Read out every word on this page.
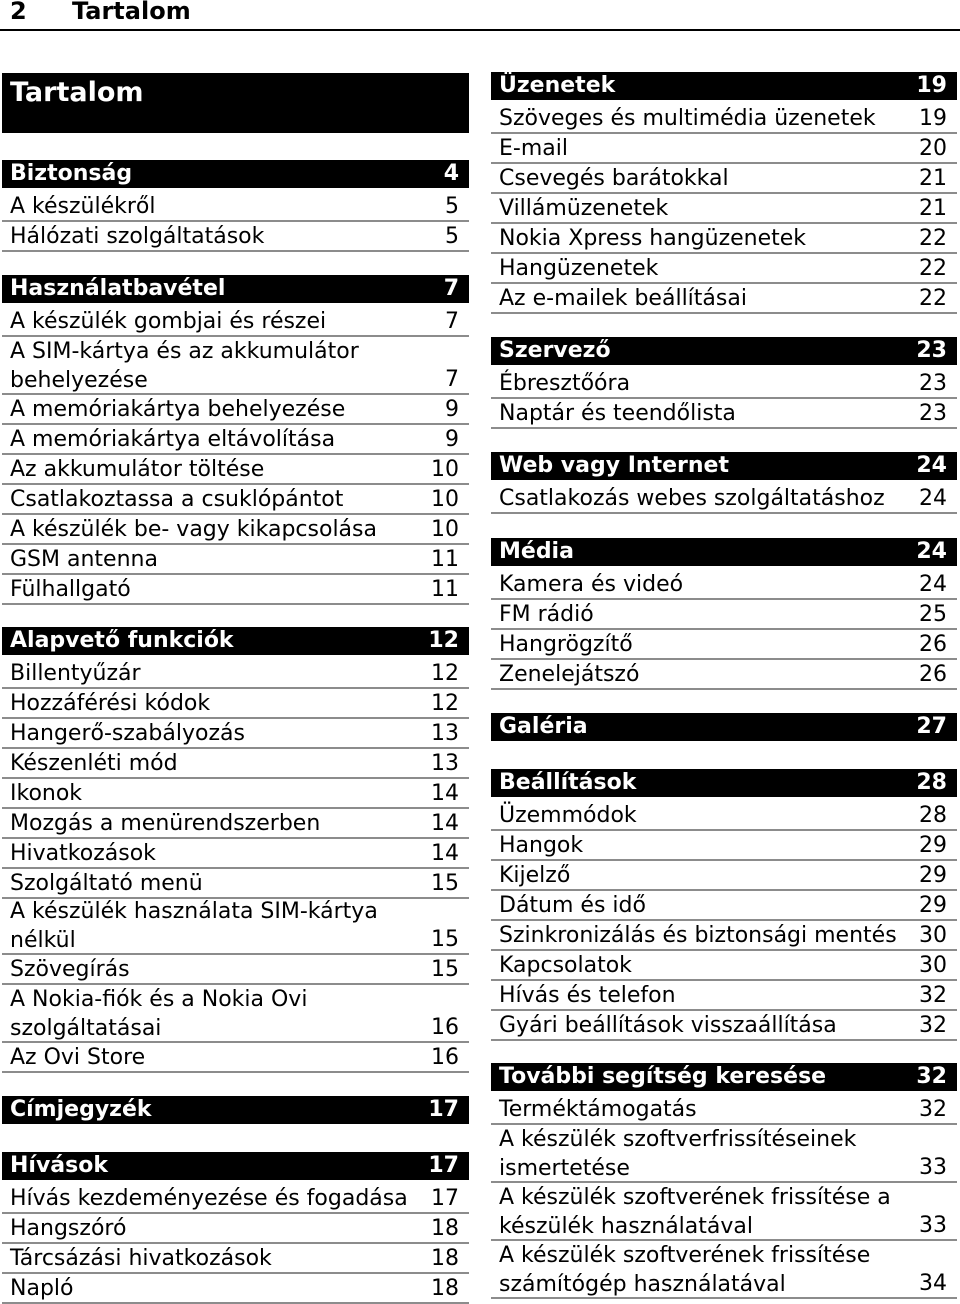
2 Tartalom
Tartalom
Biztonság	4
A készülékről	5
Hálózati szolgáltatások	5
Használatbavétel	7
A készülék gombjai és részei	7
A SIM-kártya és az akkumulátor behelyezése	7
A memóriakártya behelyezése	9
A memóriakártya eltávolítása	9
Az akkumulátor töltése	10
Csatlakoztassa a csuklópántot	10
A készülék be- vagy kikapcsolása 10
GSM antenna	11
Fülhallgató	11
Alapvető funkciók	12
Billentyűzár	12
Hozzáférési kódok	12
Hangerő-szabályozás	13
Készenléti mód	13
Ikonok	14
Mozgás a menürendszerben	14
Hivatkozások	14
Szolgáltató menü	15
A készülék használata SIM-kártya nélkül	15
Szövegírás	15
A Nokia-fiók és a Nokia Ovi szolgáltatásai	16
Az Ovi Store	16
Címjegyzék	17
Hívások	17
Hívás kezdeményezése és fogadása 17
Hangszóró	18
Tárcsázási hivatkozások	18
Napló	18
Üzenetek	19
Szöveges és multimédia üzenetek 19
E-mail	20
Csevegés barátokkal	21
Villámüzenetek	21
Nokia Xpress hangüzenetek	22
Hangüzenetek	22
Az e-mailek beállításai	22
Szervező	23
Ébresztőóra	23
Naptár és teendőlista	23
Web vagy Internet	24
Csatlakozás webes szolgáltatáshoz 24
Média	24
Kamera és videó	24
FM rádió	25
Hangrögzítő	26
Zenelejátszó	26
Galéria	27
Beállítások	28
Üzemmódok	28
Hangok	29
Kijelző	29
Dátum és idő	29
Szinkronizálás és biztonsági mentés 30
Kapcsolatok	30
Hívás és telefon	32
Gyári beállítások visszaállítása	32
További segítség keresése	32
Terméktámogatás	32
A készülék szoftverfrissítéseinek ismertetése	33
A készülék szoftverének frissítése a készülék használatával	33
A készülék szoftverének frissítése számítógép használatával	34
